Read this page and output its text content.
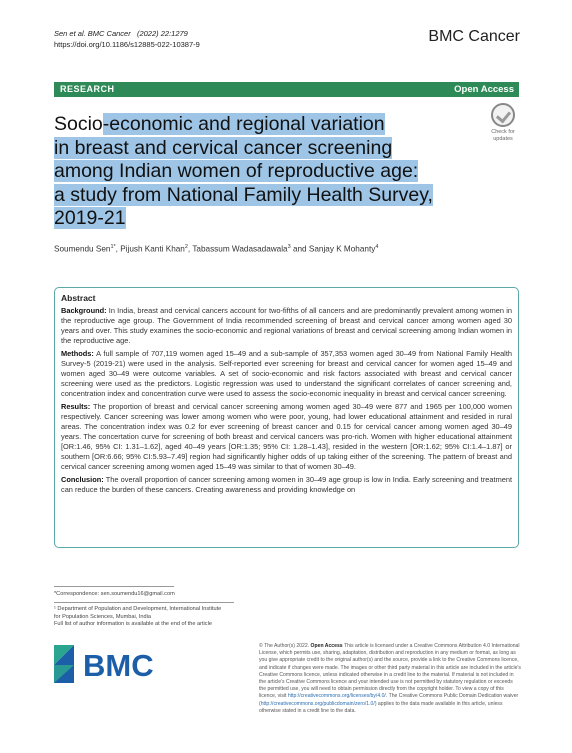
Sen et al. BMC Cancer (2022) 22:1279
https://doi.org/10.1186/s12885-022-10387-9	BMC Cancer
RESEARCH	Open Access
Socio-economic and regional variation
in breast and cervical cancer screening
among Indian women of reproductive age:
a study from National Family Health Survey,
2019-21
Check for
updates
Soumendu Sen$^{1*}$, Pijush Kanti Khan$^2$, Tabassum Wadasadawala$^3$ and Sanjay K Mohanty$^4$
Abstract
Background: In India, breast and cervical cancers account for two-fifths of all cancers and are predominantly prevalent among women in the reproductive age group. The Government of India recommended screening of breast and cervical cancer among women aged 30 years and over. This study examines the socio-economic and regional variations of breast and cervical screening among Indian women in the reproductive age.
Methods: A full sample of 707,119 women aged 15–49 and a sub-sample of 357,353 women aged 30–49 from National Family Health Survey-5 (2019-21) were used in the analysis. Self-reported ever screening for breast and cervical cancer for women aged 15–49 and women aged 30–49 were outcome variables. A set of socio-economic and risk factors associated with breast and cervical cancer screening were used as the predictors. Logistic regression was used to understand the significant correlates of cancer screening and, concentration index and concentration curve were used to assess the socio-economic inequality in breast and cervical cancer screening.
Results: The proportion of breast and cervical cancer screening among women aged 30–49 were 877 and 1965 per 100,000 women respectively. Cancer screening was lower among women who were poor, young, had lower educational attainment and resided in rural areas. The concentration index was 0.2 for ever screening of breast cancer and 0.15 for cervical cancer among women aged 30–49 years. The concertation curve for screening of both breast and cervical cancers was pro-rich. Women with higher educational attainment [OR:1.46, 95% CI: 1.31–1.62], aged 40–49 years [OR:1.35; 95% CI: 1.28–1.43], resided in the western [OR:1.62; 95% CI:1.4–1.87] or southern [OR:6.66; 95% CI:5.93–7.49] region had significantly higher odds of up taking either of the screening. The pattern of breast and cervical cancer screening among women aged 15–49 was similar to that of women 30–49.
Conclusion: The overall proportion of cancer screening among women in 30–49 age group is low in India. Early screening and treatment can reduce the burden of these cancers. Creating awareness and providing knowledge on
*Correspondence: sen.soumendu16@gmail.com
¹ Department of Population and Development, International Institute
for Population Sciences, Mumbai, India
Full list of author information is available at the end of the article
BMC
© The Author(s) 2022. Open Access This article is licensed under a Creative Commons Attribution 4.0 International License, which permits use, sharing, adaptation, distribution and reproduction in any medium or format, as long as you give appropriate credit to the original author(s) and the source, provide a link to the Creative Commons licence, and indicate if changes were made. The images or other third party material in this article are included in the article's Creative Commons licence, unless indicated otherwise in a credit line to the material. If material is not included in the article's Creative Commons licence and your intended use is not permitted by statutory regulation or exceeds the permitted use, you will need to obtain permission directly from the copyright holder. To view a copy of this licence, visit http://creativecommons.org/licenses/by/4.0/. The Creative Commons Public Domain Dedication waiver (http://creativecommons.org/publicdomain/zero/1.0/) applies to the data made available in this article, unless otherwise stated in a credit line to the data.
